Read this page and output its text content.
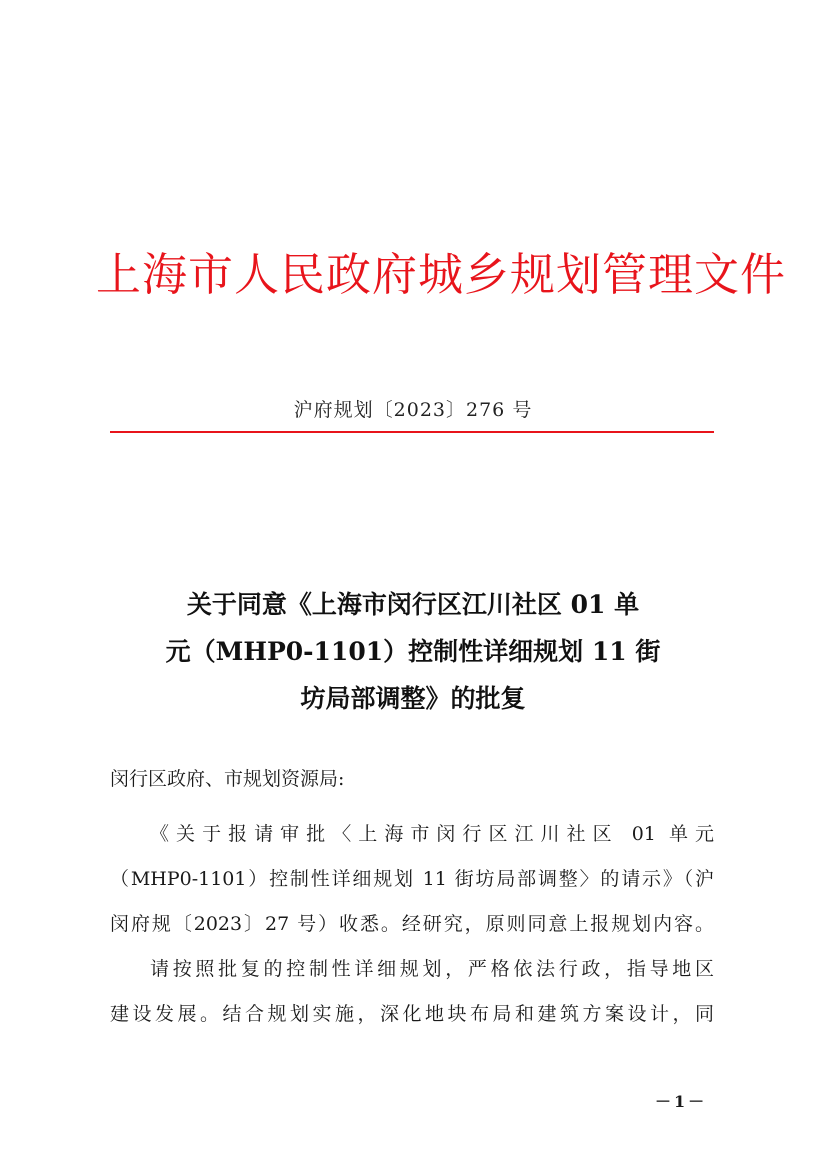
上海市人民政府城乡规划管理文件
沪府规划〔2023〕276 号
关于同意《上海市闵行区江川社区 01 单
元（MHP0-1101）控制性详细规划 11 街
坊局部调整》的批复
闵行区政府、市规划资源局:
《关于报请审批〈上海市闵行区江川社区 01 单元
（MHP0-1101）控制性详细规划 11 街坊局部调整〉的请示》（沪
闵府规〔2023〕27 号）收悉。经研究，原则同意上报规划内容。
请按照批复的控制性详细规划，严格依法行政，指导地区
建设发展。结合规划实施，深化地块布局和建筑方案设计，同
－1－
